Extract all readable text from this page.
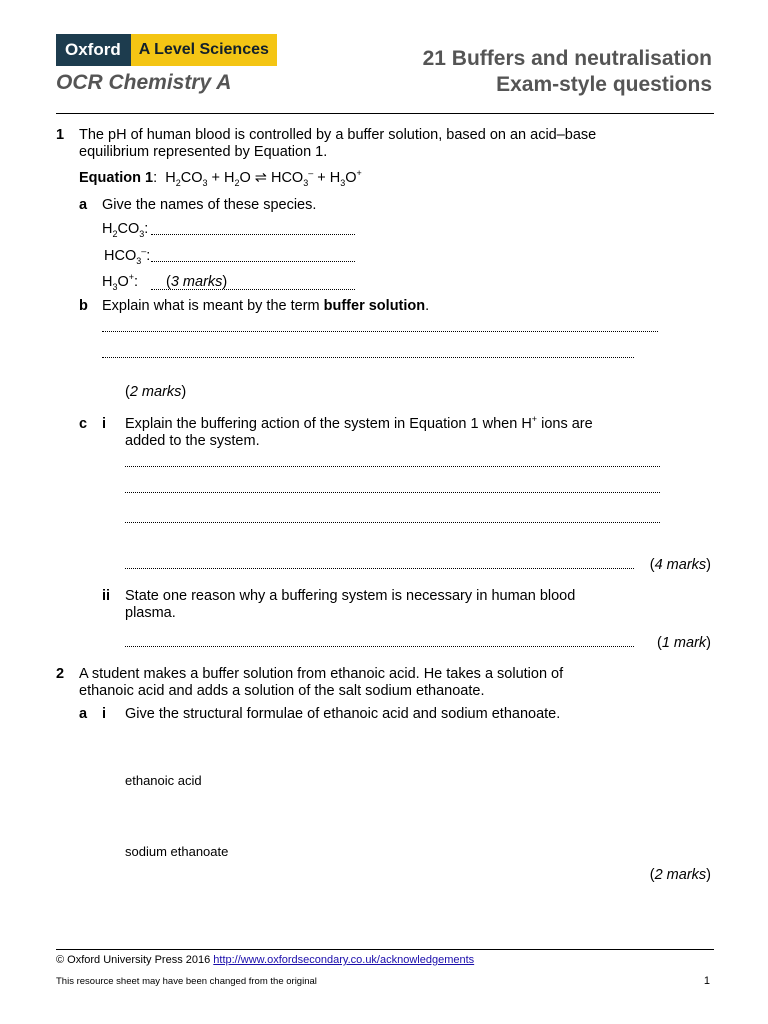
Oxford	A Level Sciences
OCR Chemistry A
21 Buffers and neutralisation
Exam-style questions
1 The pH of human blood is controlled by a buffer solution, based on an acid–base
equilibrium represented by Equation 1.
Equation 1:  $H_2CO_3 + H_2O$ ⇌ $HCO_3^- + H_3O^+$
a Give the names of these species.
$H_2CO_3$:
$HCO_3^-$:
$H_3O^+$: (3 marks)
b Explain what is meant by the term buffer solution.
(2 marks)
c i Explain the buffering action of the system in Equation 1 when H+ ions are
added to the system.
(4 marks)
ii State one reason why a buffering system is necessary in human blood
plasma.
(1 mark)
2 A student makes a buffer solution from ethanoic acid. He takes a solution of
ethanoic acid and adds a solution of the salt sodium ethanoate.
a i Give the structural formulae of ethanoic acid and sodium ethanoate.
ethanoic acid
sodium ethanoate
(2 marks)
© Oxford University Press 2016 http://www.oxfordsecondary.co.uk/acknowledgements
This resource sheet may have been changed from the original	1
